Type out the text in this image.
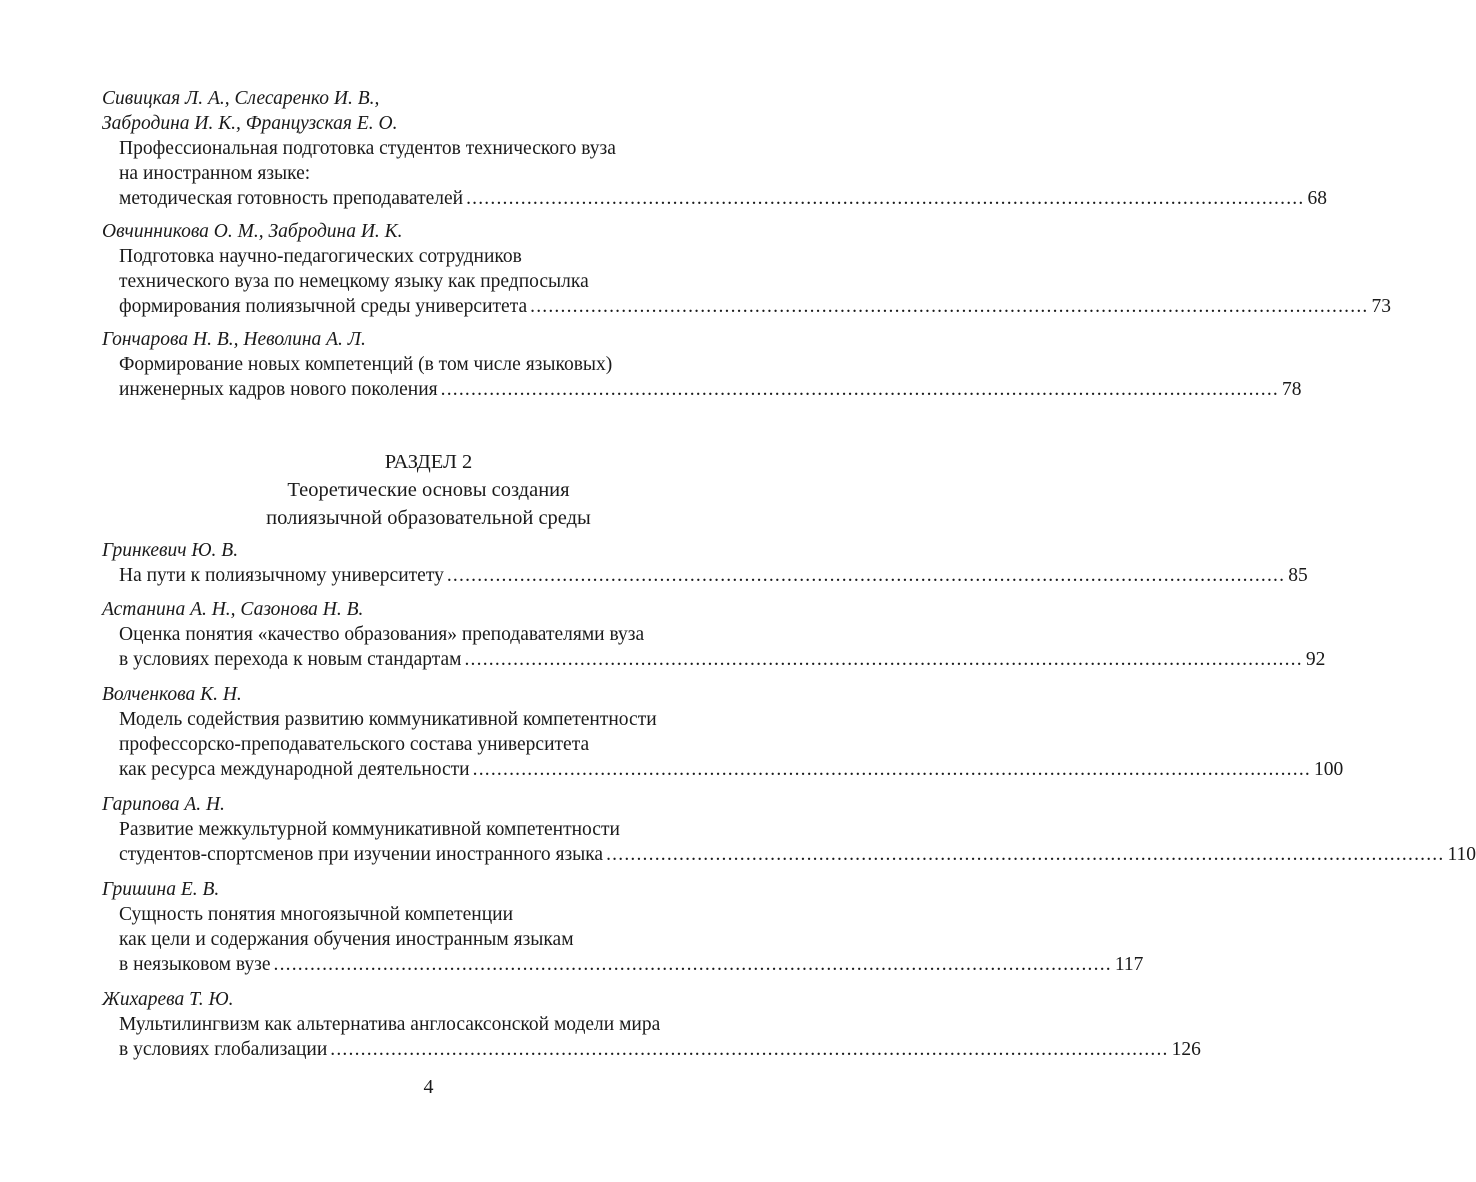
Сивицкая Л. А., Слесаренко И. В.,
Забродина И. К., Французская Е. О.
Профессиональная подготовка студентов технического вуза
на иностранном языке:
методическая готовность преподавателей .......................................................................................................................................... 68
Овчинникова О. М., Забродина И. К.
Подготовка научно-педагогических сотрудников
технического вуза по немецкому языку как предпосылка
формирования полиязычной среды университета .......................................................................................................................................... 73
Гончарова Н. В., Неволина А. Л.
Формирование новых компетенций (в том числе языковых)
инженерных кадров нового поколения .......................................................................................................................................... 78
РАЗДЕЛ 2
Теоретические основы создания
полиязычной образовательной среды
Гринкевич Ю. В.
На пути к полиязычному университету .......................................................................................................................................... 85
Астанина А. Н., Сазонова Н. В.
Оценка понятия «качество образования» преподавателями вуза
в условиях перехода к новым стандартам .......................................................................................................................................... 92
Волченкова К. Н.
Модель содействия развитию коммуникативной компетентности
профессорско-преподавательского состава университета
как ресурса международной деятельности .......................................................................................................................................... 100
Гарипова А. Н.
Развитие межкультурной коммуникативной компетентности
студентов-спортсменов при изучении иностранного языка .......................................................................................................................................... 110
Гришина Е. В.
Сущность понятия многоязычной компетенции
как цели и содержания обучения иностранным языкам
в неязыковом вузе .......................................................................................................................................... 117
Жихарева Т. Ю.
Мультилингвизм как альтернатива англосаксонской модели мира
в условиях глобализации .......................................................................................................................................... 126
4
